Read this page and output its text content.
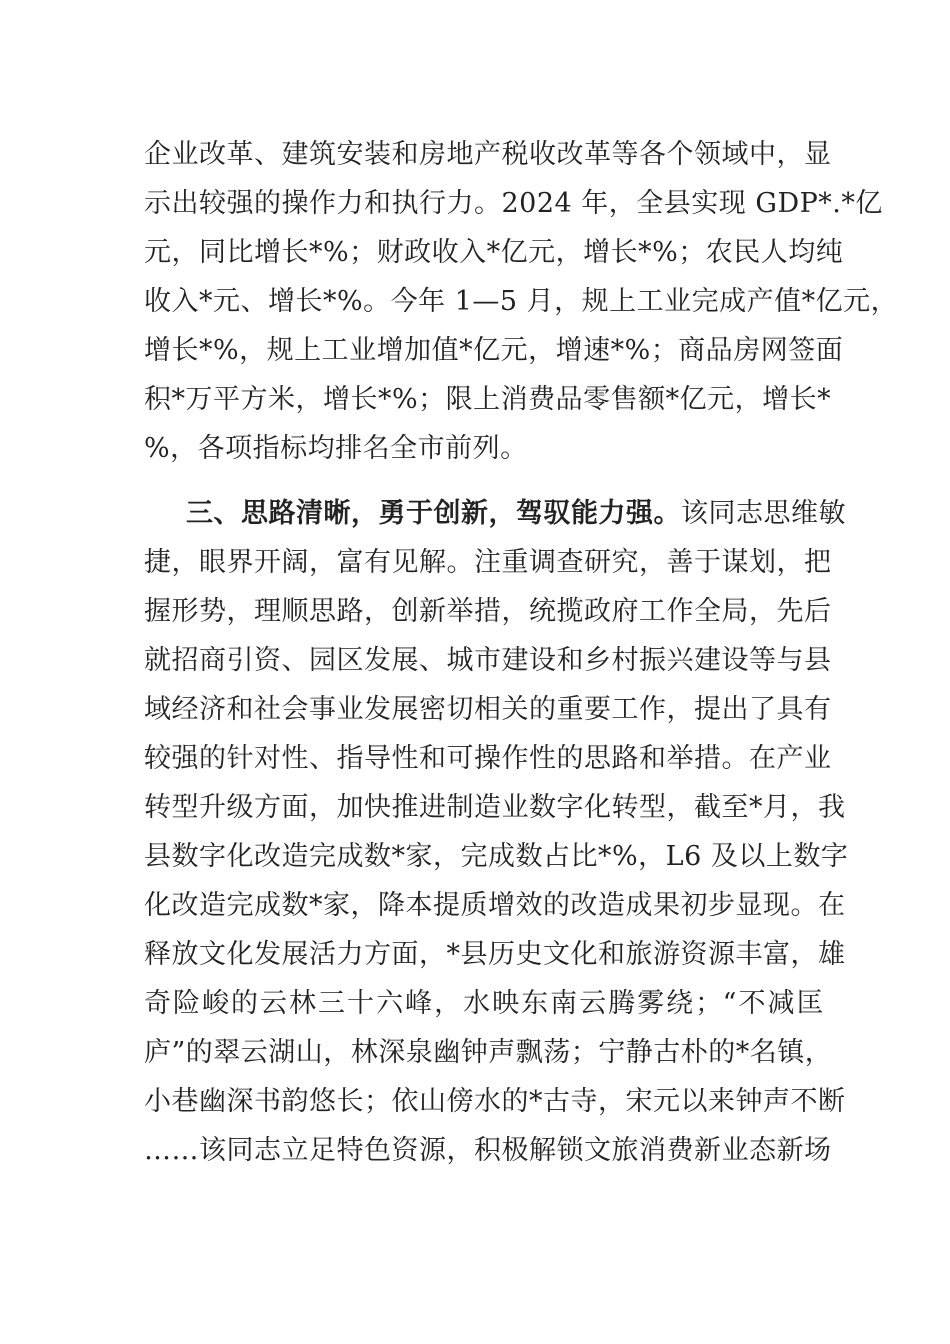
企业改革、建筑安装和房地产税收改革等各个领域中，显
示出较强的操作力和执行力。2024 年，全县实现 GDP*.*亿
元，同比增长*%；财政收入*亿元，增长*%；农民人均纯
收入*元、增长*%。今年 1—5 月，规上工业完成产值*亿元，
增长*%，规上工业增加值*亿元，增速*%；商品房网签面
积*万平方米，增长*%；限上消费品零售额*亿元，增长*
%，各项指标均排名全市前列。
三、思路清晰，勇于创新，驾驭能力强。该同志思维敏
捷，眼界开阔，富有见解。注重调查研究，善于谋划，把
握形势，理顺思路，创新举措，统揽政府工作全局，先后
就招商引资、园区发展、城市建设和乡村振兴建设等与县
域经济和社会事业发展密切相关的重要工作，提出了具有
较强的针对性、指导性和可操作性的思路和举措。在产业
转型升级方面，加快推进制造业数字化转型，截至*月，我
县数字化改造完成数*家，完成数占比*%，L6 及以上数字
化改造完成数*家，降本提质增效的改造成果初步显现。在
释放文化发展活力方面，*县历史文化和旅游资源丰富，雄
奇险峻的云林三十六峰，水映东南云腾雾绕；“不减匡
庐”的翠云湖山，林深泉幽钟声飘荡；宁静古朴的*名镇，
小巷幽深书韵悠长；依山傍水的*古寺，宋元以来钟声不断
……该同志立足特色资源，积极解锁文旅消费新业态新场
